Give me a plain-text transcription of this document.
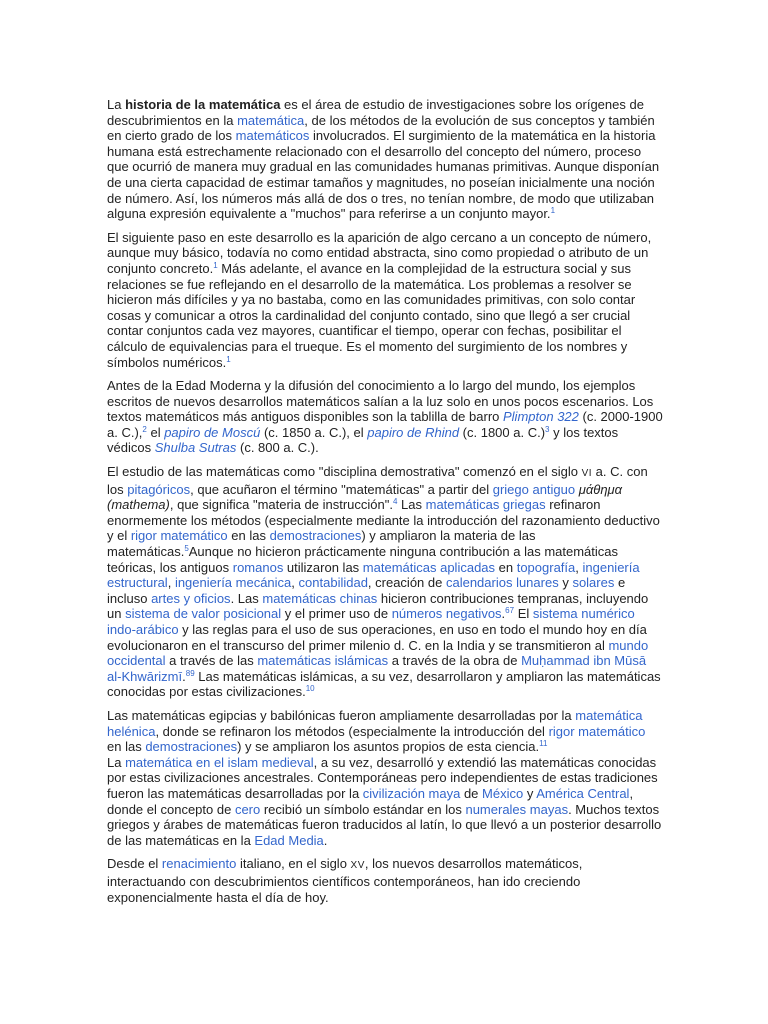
La historia de la matemática es el área de estudio de investigaciones sobre los orígenes de descubrimientos en la matemática, de los métodos de la evolución de sus conceptos y también en cierto grado de los matemáticos involucrados. El surgimiento de la matemática en la historia humana está estrechamente relacionado con el desarrollo del concepto del número, proceso que ocurrió de manera muy gradual en las comunidades humanas primitivas. Aunque disponían de una cierta capacidad de estimar tamaños y magnitudes, no poseían inicialmente una noción de número. Así, los números más allá de dos o tres, no tenían nombre, de modo que utilizaban alguna expresión equivalente a "muchos" para referirse a un conjunto mayor.$^1$

El siguiente paso en este desarrollo es la aparición de algo cercano a un concepto de número, aunque muy básico, todavía no como entidad abstracta, sino como propiedad o atributo de un conjunto concreto.$^1$ Más adelante, el avance en la complejidad de la estructura social y sus relaciones se fue reflejando en el desarrollo de la matemática. Los problemas a resolver se hicieron más difíciles y ya no bastaba, como en las comunidades primitivas, con solo contar cosas y comunicar a otros la cardinalidad del conjunto contado, sino que llegó a ser crucial contar conjuntos cada vez mayores, cuantificar el tiempo, operar con fechas, posibilitar el cálculo de equivalencias para el trueque. Es el momento del surgimiento de los nombres y símbolos numéricos.$^1$

Antes de la Edad Moderna y la difusión del conocimiento a lo largo del mundo, los ejemplos escritos de nuevos desarrollos matemáticos salían a la luz solo en unos pocos escenarios. Los textos matemáticos más antiguos disponibles son la tablilla de barro Plimpton 322 (c. 2000-1900 a. C.),$^2$ el papiro de Moscú (c. 1850 a. C.), el papiro de Rhind (c. 1800 a. C.)$^3$ y los textos védicos Shulba Sutras (c. 800 a. C.).

El estudio de las matemáticas como "disciplina demostrativa" comenzó en el siglo VI a. C. con los pitagóricos, que acuñaron el término "matemáticas" a partir del griego antiguo μάθημα (mathema), que significa "materia de instrucción".$^4$ Las matemáticas griegas refinaron enormemente los métodos (especialmente mediante la introducción del razonamiento deductivo y el rigor matemático en las demostraciones) y ampliaron la materia de las matemáticas.$^5$Aunque no hicieron prácticamente ninguna contribución a las matemáticas teóricas, los antiguos romanos utilizaron las matemáticas aplicadas en topografía, ingeniería estructural, ingeniería mecánica, contabilidad, creación de calendarios lunares y solares e incluso artes y oficios. Las matemáticas chinas hicieron contribuciones tempranas, incluyendo un sistema de valor posicional y el primer uso de números negativos.$^{67}$ El sistema numérico indo-arábico y las reglas para el uso de sus operaciones, en uso en todo el mundo hoy en día evolucionaron en el transcurso del primer milenio d. C. en la India y se transmitieron al mundo occidental a través de las matemáticas islámicas a través de la obra de Muḥammad ibn Mūsā al-Khwārizmī.$^{89}$ Las matemáticas islámicas, a su vez, desarrollaron y ampliaron las matemáticas conocidas por estas civilizaciones.$^{10}$

Las matemáticas egipcias y babilónicas fueron ampliamente desarrolladas por la matemática helénica, donde se refinaron los métodos (especialmente la introducción del rigor matemático en las demostraciones) y se ampliaron los asuntos propios de esta ciencia.$^{11}$
La matemática en el islam medieval, a su vez, desarrolló y extendió las matemáticas conocidas por estas civilizaciones ancestrales. Contemporáneas pero independientes de estas tradiciones fueron las matemáticas desarrolladas por la civilización maya de México y América Central, donde el concepto de cero recibió un símbolo estándar en los numerales mayas. Muchos textos griegos y árabes de matemáticas fueron traducidos al latín, lo que llevó a un posterior desarrollo de las matemáticas en la Edad Media.

Desde el renacimiento italiano, en el siglo XV, los nuevos desarrollos matemáticos, interactuando con descubrimientos científicos contemporáneos, han ido creciendo exponencialmente hasta el día de hoy.
